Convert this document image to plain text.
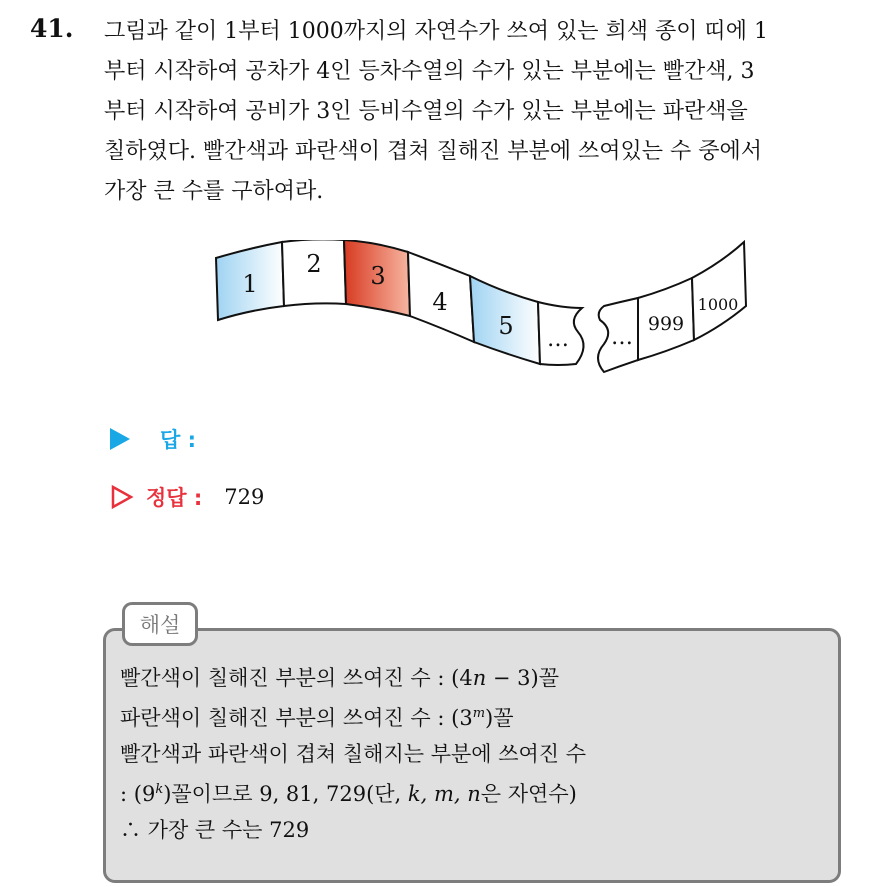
41. 그림과 같이 1부터 1000까지의 자연수가 쓰여 있는 희색 종이 띠에 1
부터 시작하여 공차가 4인 등차수열의 수가 있는 부분에는 빨간색, 3
부터 시작하여 공비가 3인 등비수열의 수가 있는 부분에는 파란색을
칠하였다. 빨간색과 파란색이 겹쳐 질해진 부분에 쓰여있는 수 중에서
가장 큰 수를 구하여라.

1
2 3
4
5 … …
999
1000
답 :
정답 : 729
해설
빨간색이 칠해진 부분의 쓰여진 수 : (4n − 3)꼴
파란색이 칠해진 부분의 쓰여진 수 : (3$^m$)꼴
빨간색과 파란색이 겹쳐 칠해지는 부분에 쓰여진 수
: (9$^k$)꼴이므로 9, 81, 729(단, k, m, n은 자연수)
∴ 가장 큰 수는 729
